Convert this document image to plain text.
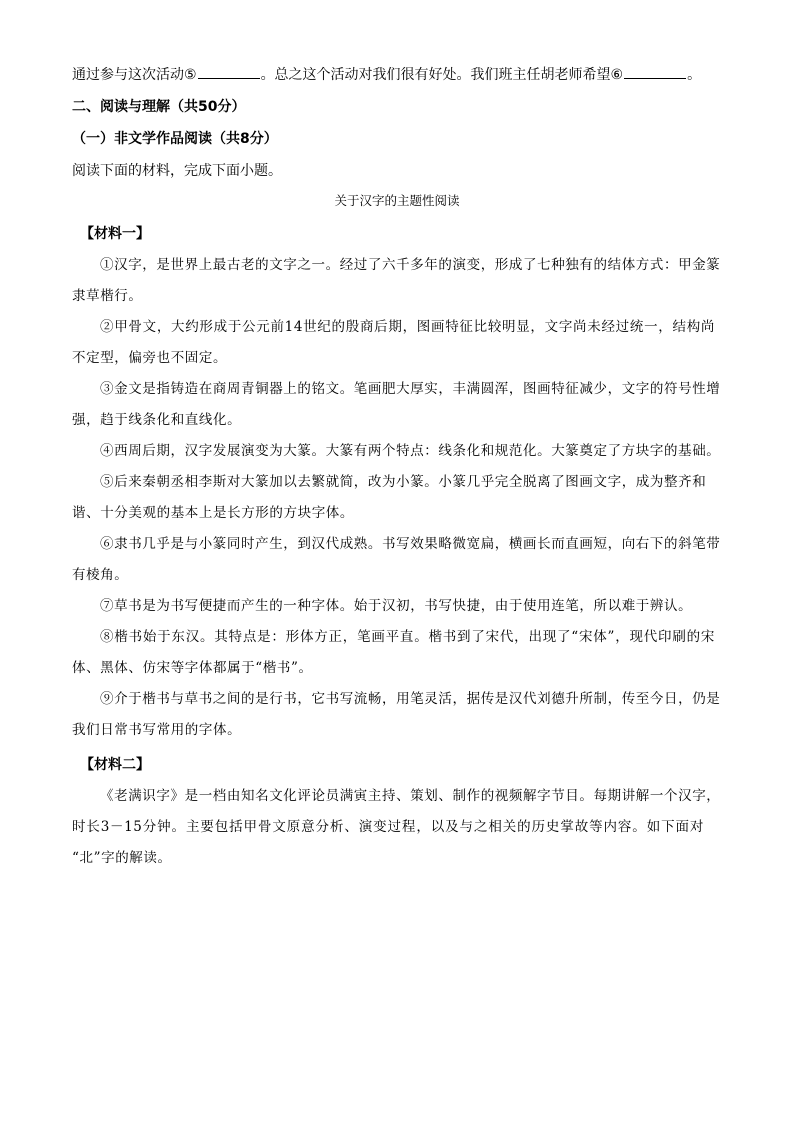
通过参与这次活动⑤	。总之这个活动对我们很有好处。我们班主任胡老师希望⑥	。
二、阅读与理解（共50分）
（一）非文学作品阅读（共8分）
阅读下面的材料，完成下面小题。
关于汉字的主题性阅读
【材料一】
①汉字，是世界上最古老的文字之一。经过了六千多年的演变，形成了七种独有的结体方式：甲金篆
隶草楷行。
②甲骨文，大约形成于公元前14世纪的殷商后期，图画特征比较明显，文字尚未经过统一，结构尚
不定型，偏旁也不固定。
③金文是指铸造在商周青铜器上的铭文。笔画肥大厚实，丰满圆浑，图画特征减少，文字的符号性增
强，趋于线条化和直线化。
④西周后期，汉字发展演变为大篆。大篆有两个特点：线条化和规范化。大篆奠定了方块字的基础。
⑤后来秦朝丞相李斯对大篆加以去繁就简，改为小篆。小篆几乎完全脱离了图画文字，成为整齐和
谐、十分美观的基本上是长方形的方块字体。
⑥隶书几乎是与小篆同时产生，到汉代成熟。书写效果略微宽扁，横画长而直画短，向右下的斜笔带
有棱角。
⑦草书是为书写便捷而产生的一种字体。始于汉初，书写快捷，由于使用连笔，所以难于辨认。
⑧楷书始于东汉。其特点是：形体方正，笔画平直。楷书到了宋代，出现了“宋体”，现代印刷的宋
体、黑体、仿宋等字体都属于“楷书”。
⑨介于楷书与草书之间的是行书，它书写流畅，用笔灵活，据传是汉代刘德升所制，传至今日，仍是
我们日常书写常用的字体。
【材料二】
《老满识字》是一档由知名文化评论员满寅主持、策划、制作的视频解字节目。每期讲解一个汉字，
时长3－15分钟。主要包括甲骨文原意分析、演变过程，以及与之相关的历史掌故等内容。如下面对
“北”字的解读。
